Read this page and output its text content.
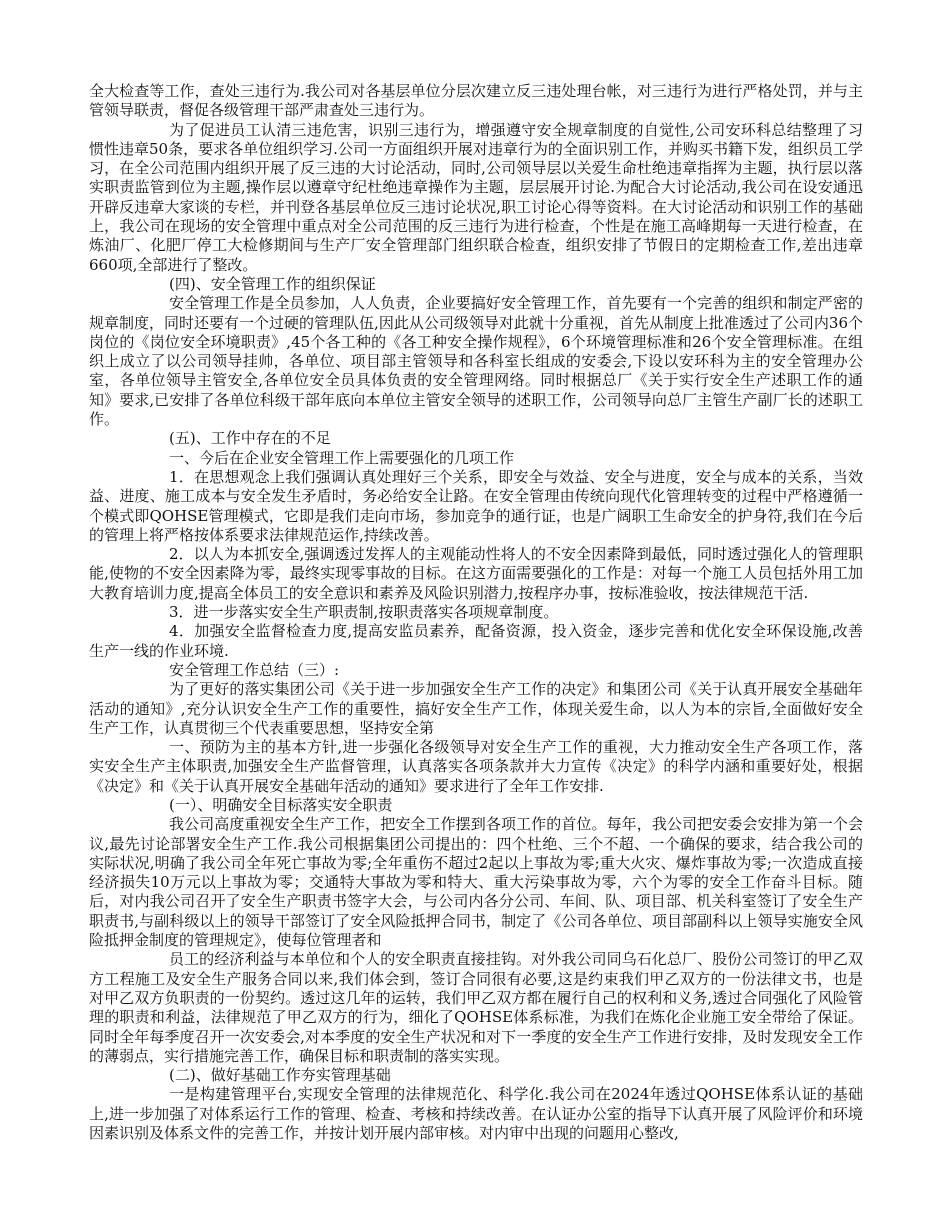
全大检查等工作，查处三违行为.我公司对各基层单位分层次建立反三违处理台帐，对三违行为进行严格处罚，并与主管领导联责，督促各级管理干部严肃查处三违行为。

为了促进员工认清三违危害，识别三违行为，增强遵守安全规章制度的自觉性,公司安环科总结整理了习惯性违章50条，要求各单位组织学习.公司一方面组织开展对违章行为的全面识别工作，并购买书籍下发，组织员工学习，在全公司范围内组织开展了反三违的大讨论活动，同时,公司领导层以关爱生命杜绝违章指挥为主题，执行层以落实职责监管到位为主题,操作层以遵章守纪杜绝违章操作为主题，层层展开讨论.为配合大讨论活动,我公司在设安通迅开辟反违章大家谈的专栏，并刊登各基层单位反三违讨论状况,职工讨论心得等资料。在大讨论活动和识别工作的基础上，我公司在现场的安全管理中重点对全公司范围的反三违行为进行检查，个性是在施工高峰期每一天进行检查，在炼油厂、化肥厂停工大检修期间与生产厂安全管理部门组织联合检查，组织安排了节假日的定期检查工作,差出违章660项,全部进行了整改。

(四)、安全管理工作的组织保证

安全管理工作是全员参加，人人负责，企业要搞好安全管理工作，首先要有一个完善的组织和制定严密的规章制度，同时还要有一个过硬的管理队伍,因此从公司级领导对此就十分重视，首先从制度上批准透过了公司内36个岗位的《岗位安全环境职责》,45个各工种的《各工种安全操作规程》，6个环境管理标准和26个安全管理标准。在组织上成立了以公司领导挂帅，各单位、项目部主管领导和各科室长组成的安委会,下设以安环科为主的安全管理办公室，各单位领导主管安全,各单位安全员具体负责的安全管理网络。同时根据总厂《关于实行安全生产述职工作的通知》要求,已安排了各单位科级干部年底向本单位主管安全领导的述职工作，公司领导向总厂主管生产副厂长的述职工作。

(五)、工作中存在的不足

一、今后在企业安全管理工作上需要强化的几项工作

1．在思想观念上我们强调认真处理好三个关系，即安全与效益、安全与进度，安全与成本的关系，当效益、进度、施工成本与安全发生矛盾时，务必给安全让路。在安全管理由传统向现代化管理转变的过程中严格遵循一个模式即QOHSE管理模式，它即是我们走向市场，参加竞争的通行证，也是广阔职工生命安全的护身符,我们在今后的管理上将严格按体系要求法律规范运作,持续改善。

2．以人为本抓安全,强调透过发挥人的主观能动性将人的不安全因素降到最低，同时透过强化人的管理职能,使物的不安全因素降为零，最终实现零事故的目标。在这方面需要强化的工作是：对每一个施工人员包括外用工加大教育培训力度,提高全体员工的安全意识和素养及风险识别潜力,按程序办事，按标准验收，按法律规范干活.

3．进一步落实安全生产职责制,按职责落实各项规章制度。

4．加强安全监督检查力度,提高安监员素养，配备资源，投入资金，逐步完善和优化安全环保设施,改善生产一线的作业环境.

安全管理工作总结（三）:

为了更好的落实集团公司《关于进一步加强安全生产工作的决定》和集团公司《关于认真开展安全基础年活动的通知》,充分认识安全生产工作的重要性，搞好安全生产工作，体现关爱生命，以人为本的宗旨,全面做好安全生产工作，认真贯彻三个代表重要思想，坚持安全第

一、预防为主的基本方针,进一步强化各级领导对安全生产工作的重视，大力推动安全生产各项工作，落实安全生产主体职责,加强安全生产监督管理，认真落实各项条款并大力宣传《决定》的科学内涵和重要好处，根据《决定》和《关于认真开展安全基础年活动的通知》要求进行了全年工作安排.

(一）、明确安全目标落实安全职责

我公司高度重视安全生产工作，把安全工作摆到各项工作的首位。每年，我公司把安委会安排为第一个会议,最先讨论部署安全生产工作.我公司根据集团公司提出的：四个杜绝、三个不超、一个确保的要求，结合我公司的实际状况,明确了我公司全年死亡事故为零;全年重伤不超过2起以上事故为零;重大火灾、爆炸事故为零;一次造成直接经济损失10万元以上事故为零；交通特大事故为零和特大、重大污染事故为零，六个为零的安全工作奋斗目标。随后，对内我公司召开了安全生产职责书签字大会，与公司内各分公司、车间、队、项目部、机关科室签订了安全生产职责书,与副科级以上的领导干部签订了安全风险抵押合同书，制定了《公司各单位、项目部副科以上领导实施安全风险抵押金制度的管理规定》，使每位管理者和

员工的经济利益与本单位和个人的安全职责直接挂钩。对外我公司同乌石化总厂、股份公司签订的甲乙双方工程施工及安全生产服务合同以来,我们体会到，签订合同很有必要,这是约束我们甲乙双方的一份法律文书，也是对甲乙双方负职责的一份契约。透过这几年的运转，我们甲乙双方都在履行自己的权利和义务,透过合同强化了风险管理的职责和利益，法律规范了甲乙双方的行为，细化了QOHSE体系标准，为我们在炼化企业施工安全带给了保证。同时全年每季度召开一次安委会,对本季度的安全生产状况和对下一季度的安全生产工作进行安排，及时发现安全工作的薄弱点，实行措施完善工作，确保目标和职责制的落实实现。

(二)、做好基础工作夯实管理基础

一是构建管理平台,实现安全管理的法律规范化、科学化.我公司在2024年透过QOHSE体系认证的基础上,进一步加强了对体系运行工作的管理、检查、考核和持续改善。在认证办公室的指导下认真开展了风险评价和环境因素识别及体系文件的完善工作，并按计划开展内部审核。对内审中出现的问题用心整改,
